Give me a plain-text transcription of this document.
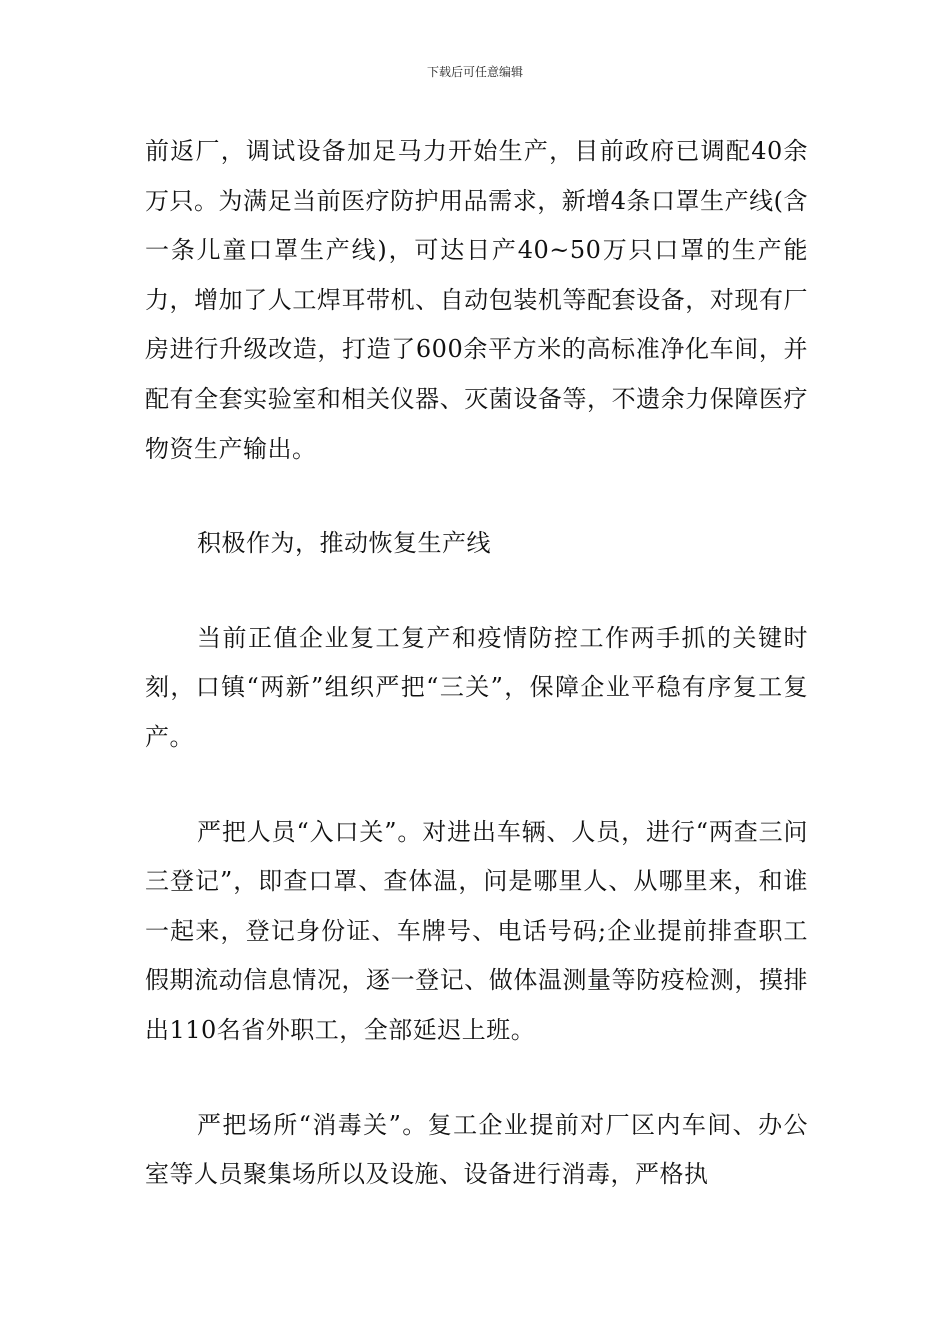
下载后可任意编辑

前返厂，调试设备加足马力开始生产，目前政府已调配40余万只。为满足当前医疗防护用品需求，新增4条口罩生产线(含一条儿童口罩生产线)，可达日产40~50万只口罩的生产能力，增加了人工焊耳带机、自动包装机等配套设备，对现有厂房进行升级改造，打造了600余平方米的高标准净化车间，并配有全套实验室和相关仪器、灭菌设备等，不遗余力保障医疗物资生产输出。

积极作为，推动恢复生产线

当前正值企业复工复产和疫情防控工作两手抓的关键时刻，口镇“两新”组织严把“三关”，保障企业平稳有序复工复产。

严把人员“入口关”。对进出车辆、人员，进行“两查三问三登记”，即查口罩、查体温，问是哪里人、从哪里来，和谁一起来，登记身份证、车牌号、电话号码;企业提前排查职工假期流动信息情况，逐一登记、做体温测量等防疫检测，摸排出110名省外职工，全部延迟上班。

严把场所“消毒关”。复工企业提前对厂区内车间、办公室等人员聚集场所以及设施、设备进行消毒，严格执
